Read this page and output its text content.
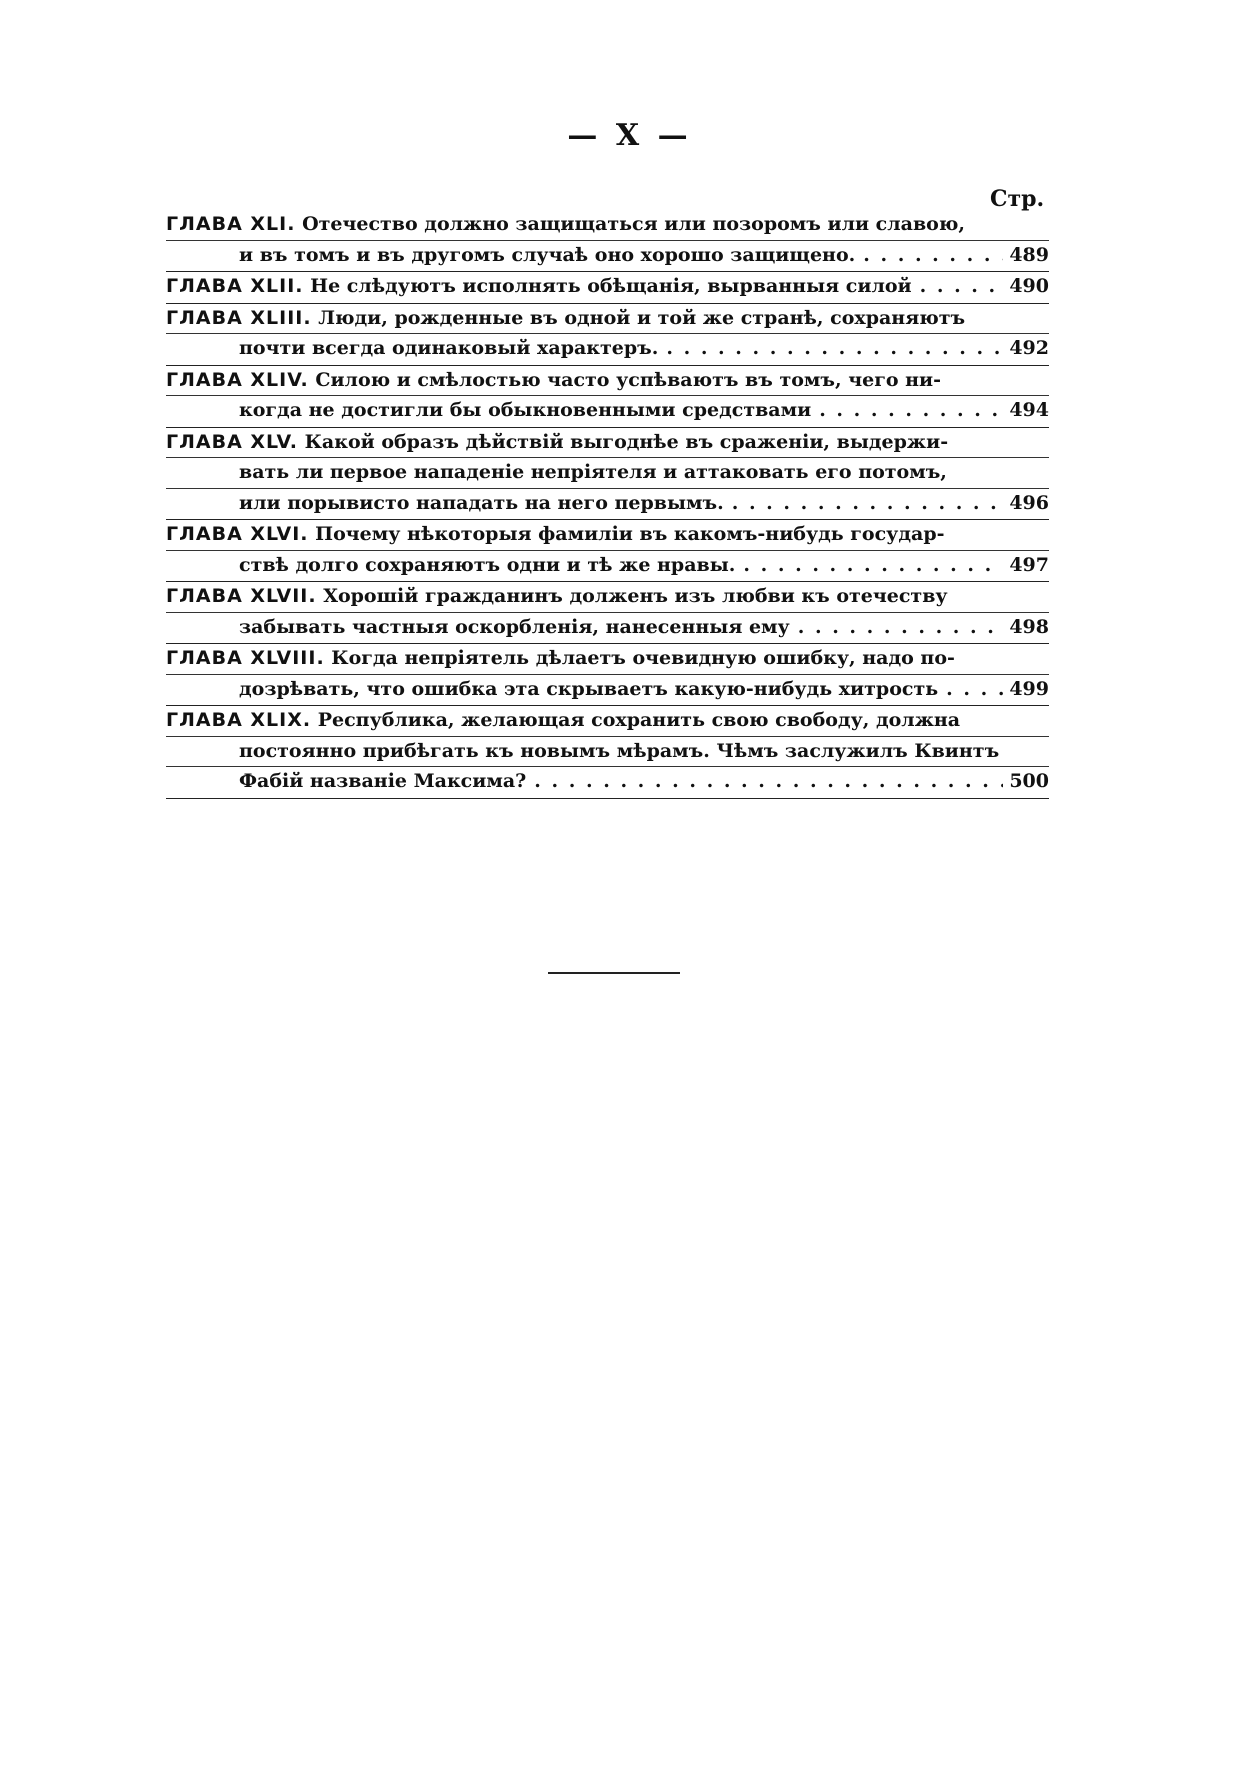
— X —
Стр.
ГЛАВА XLI. Отечество должно защищаться или позоромъ или славою,
и въ томъ и въ другомъ случаѣ оно хорошо защищено. . . .	489
ГЛАВА XLII. Не слѣдуютъ исполнять обѣщанія, вырванныя силой . . .	490
ГЛАВА XLIII. Люди, рожденные въ одной и той же странѣ, сохраняютъ
почти всегда одинаковый характеръ. . . .	492
ГЛАВА XLIV. Силою и смѣлостью часто успѣваютъ въ томъ, чего ни-
когда не достигли бы обыкновенными средствами . . .	494
ГЛАВА XLV. Какой образъ дѣйствій выгоднѣе въ сраженіи, выдержи-
вать ли первое нападеніе непріятеля и аттаковать его потомъ,
или порывисто нападать на него первымъ. . . .	496
ГЛАВА XLVI. Почему нѣкоторыя фамиліи въ какомъ-нибудь государ-
ствѣ долго сохраняютъ одни и тѣ же нравы. . . .	497
ГЛАВА XLVII. Хорошій гражданинъ долженъ изъ любви къ отечеству
забывать частныя оскорбленія, нанесенныя ему . . .	498
ГЛАВА XLVIII. Когда непріятель дѣлаетъ очевидную ошибку, надо по-
дозрѣвать, что ошибка эта скрываетъ какую-нибудь хитрость . . .	499
ГЛАВА XLIX. Республика, желающая сохранить свою свободу, должна
постоянно прибѣгать къ новымъ мѣрамъ. Чѣмъ заслужилъ Квинтъ
Фабій названіе Максима? . . .	500
